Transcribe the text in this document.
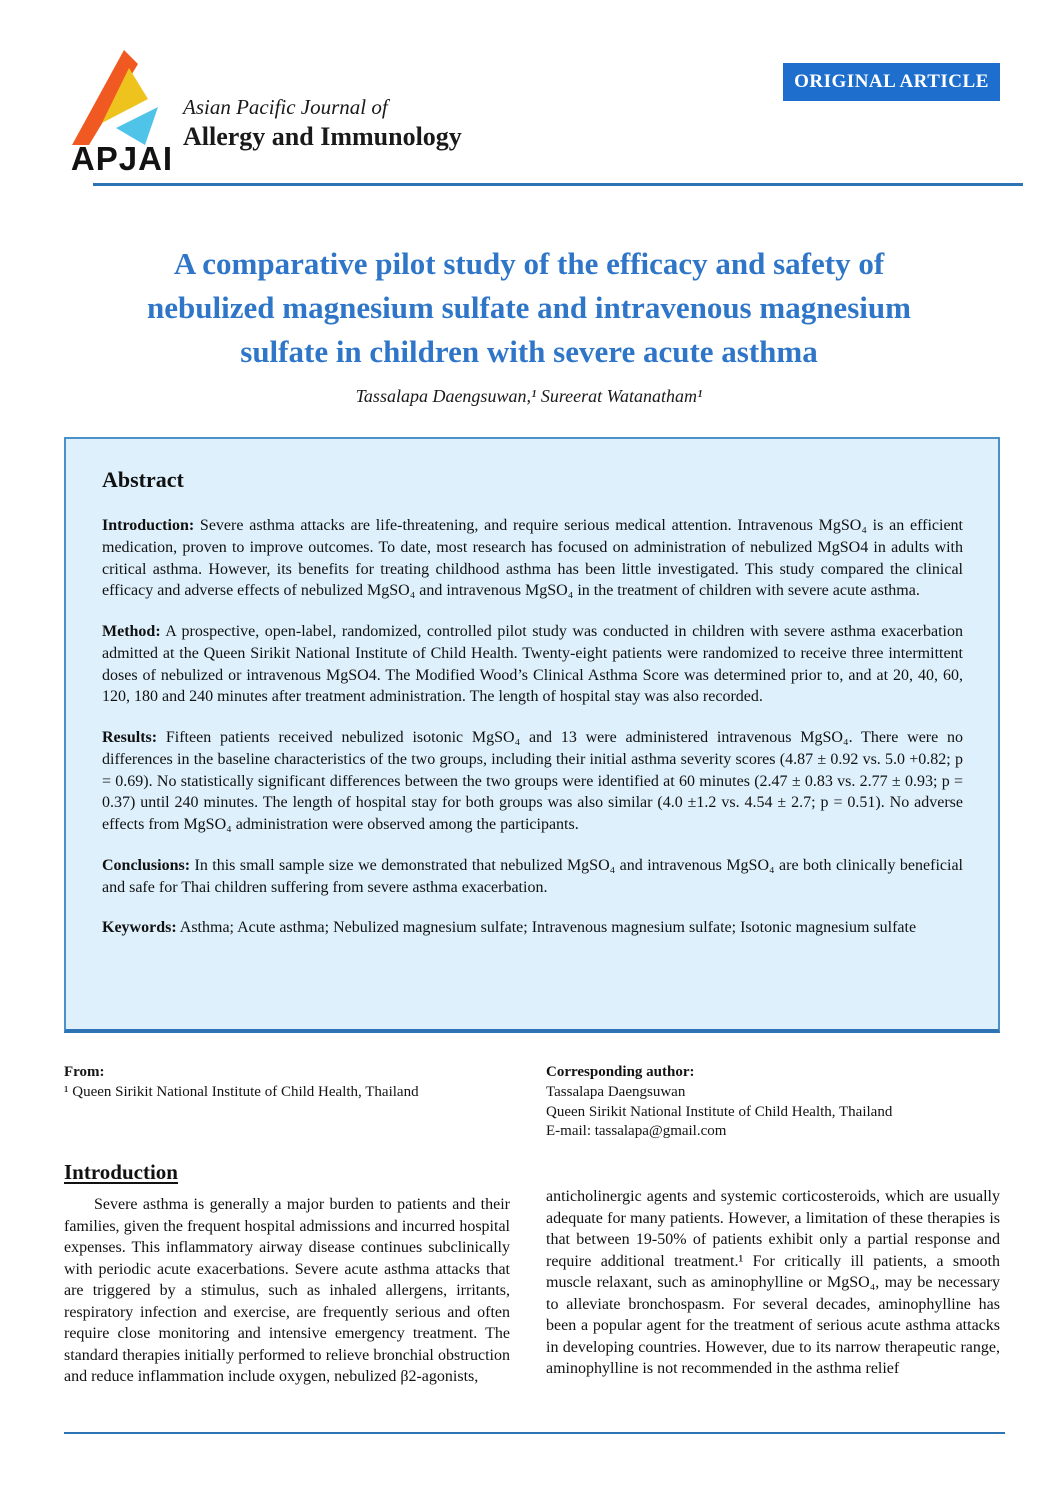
APJAI
Asian Pacific Journal of
Allergy and Immunology
ORIGINAL ARTICLE
A comparative pilot study of the efficacy and safety of
nebulized magnesium sulfate and intravenous magnesium
sulfate in children with severe acute asthma
Tassalapa Daengsuwan,¹ Sureerat Watanatham¹
Abstract

Introduction: Severe asthma attacks are life-threatening, and require serious medical attention. Intravenous MgSO₄ is an efficient medication, proven to improve outcomes. To date, most research has focused on administration of nebulized MgSO4 in adults with critical asthma. However, its benefits for treating childhood asthma has been little investigated. This study compared the clinical efficacy and adverse effects of nebulized MgSO₄ and intravenous MgSO₄ in the treatment of children with severe acute asthma.

Method: A prospective, open-label, randomized, controlled pilot study was conducted in children with severe asthma exacerbation admitted at the Queen Sirikit National Institute of Child Health. Twenty-eight patients were randomized to receive three intermittent doses of nebulized or intravenous MgSO4. The Modified Wood’s Clinical Asthma Score was determined prior to, and at 20, 40, 60, 120, 180 and 240 minutes after treatment administration. The length of hospital stay was also recorded.

Results: Fifteen patients received nebulized isotonic MgSO₄ and 13 were administered intravenous MgSO₄. There were no differences in the baseline characteristics of the two groups, including their initial asthma severity scores (4.87 ± 0.92 vs. 5.0 +0.82; p = 0.69). No statistically significant differences between the two groups were identified at 60 minutes (2.47 ± 0.83 vs. 2.77 ± 0.93; p = 0.37) until 240 minutes. The length of hospital stay for both groups was also similar (4.0 ±1.2 vs. 4.54 ± 2.7; p = 0.51). No adverse effects from MgSO₄ administration were observed among the participants.

Conclusions: In this small sample size we demonstrated that nebulized MgSO₄ and intravenous MgSO₄ are both clinically beneficial and safe for Thai children suffering from severe asthma exacerbation.

Keywords: Asthma; Acute asthma; Nebulized magnesium sulfate; Intravenous magnesium sulfate; Isotonic magnesium sulfate

From:
¹ Queen Sirikit National Institute of Child Health, Thailand
Corresponding author:
Tassalapa Daengsuwan
Queen Sirikit National Institute of Child Health, Thailand
E-mail: tassalapa@gmail.com
Introduction

Severe asthma is generally a major burden to patients and their families, given the frequent hospital admissions and incurred hospital expenses. This inflammatory airway disease continues subclinically with periodic acute exacerbations. Severe acute asthma attacks that are triggered by a stimulus, such as inhaled allergens, irritants, respiratory infection and exercise, are frequently serious and often require close monitoring and intensive emergency treatment. The standard therapies initially performed to relieve bronchial obstruction and reduce inflammation include oxygen, nebulized β2-agonists,

anticholinergic agents and systemic corticosteroids, which are usually adequate for many patients. However, a limitation of these therapies is that between 19-50% of patients exhibit only a partial response and require additional treatment.¹ For critically ill patients, a smooth muscle relaxant, such as aminophylline or MgSO₄, may be necessary to alleviate bronchospasm. For several decades, aminophylline has been a popular agent for the treatment of serious acute asthma attacks in developing countries. However, due to its narrow therapeutic range, aminophylline is not recommended in the asthma relief
